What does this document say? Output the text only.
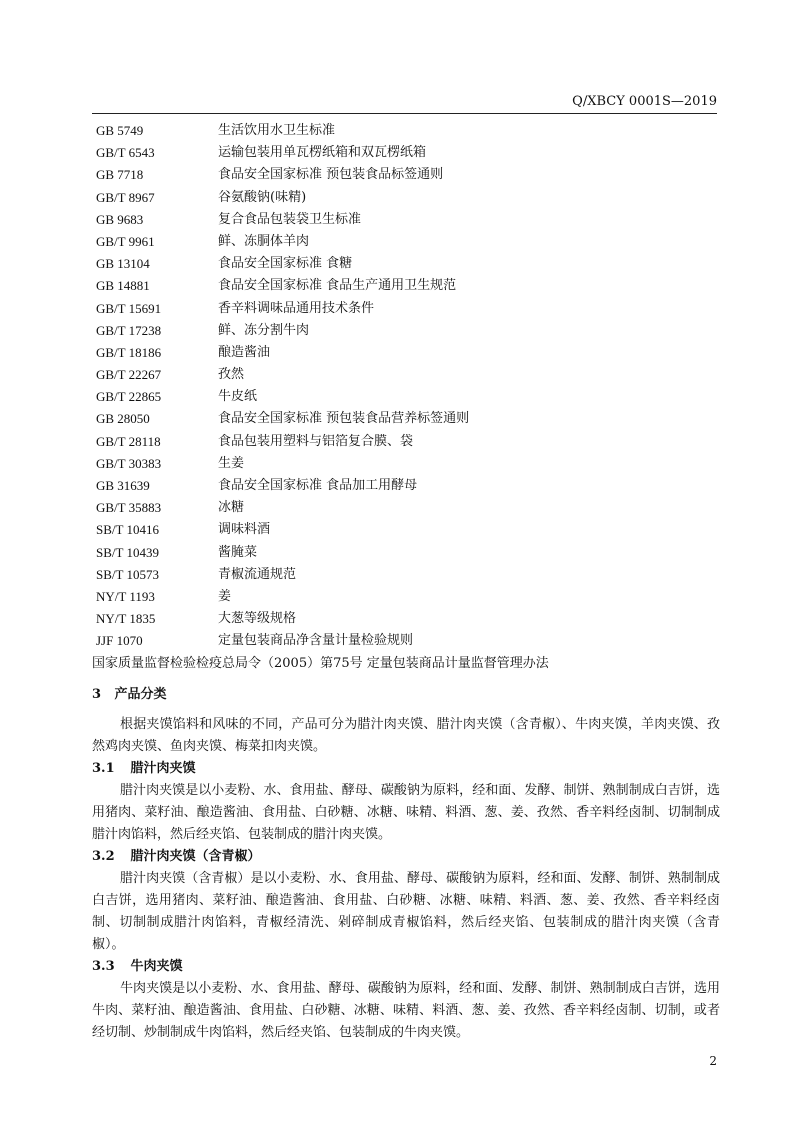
Q/XBCY 0001S—2019
GB 5749	生活饮用水卫生标准
GB/T 6543	运输包装用单瓦楞纸箱和双瓦楞纸箱
GB 7718	食品安全国家标准 预包装食品标签通则
GB/T 8967	谷氨酸钠(味精)
GB 9683	复合食品包装袋卫生标准
GB/T 9961	鲜、冻胴体羊肉
GB 13104	食品安全国家标准 食糖
GB 14881	食品安全国家标准 食品生产通用卫生规范
GB/T 15691	香辛料调味品通用技术条件
GB/T 17238	鲜、冻分割牛肉
GB/T 18186	酿造酱油
GB/T 22267	孜然
GB/T 22865	牛皮纸
GB 28050	食品安全国家标准 预包装食品营养标签通则
GB/T 28118	食品包装用塑料与铝箔复合膜、袋
GB/T 30383	生姜
GB 31639	食品安全国家标准 食品加工用酵母
GB/T 35883	冰糖
SB/T 10416	调味料酒
SB/T 10439	酱腌菜
SB/T 10573	青椒流通规范
NY/T 1193	姜
NY/T 1835	大葱等级规格
JJF 1070	定量包装商品净含量计量检验规则
国家质量监督检验检疫总局令（2005）第75号 定量包装商品计量监督管理办法
3 产品分类

根据夹馍馅料和风味的不同，产品可分为腊汁肉夹馍、腊汁肉夹馍（含青椒）、牛肉夹馍，羊肉夹馍、孜然鸡肉夹馍、鱼肉夹馍、梅菜扣肉夹馍。

3.1 腊汁肉夹馍

腊汁肉夹馍是以小麦粉、水、食用盐、酵母、碳酸钠为原料，经和面、发酵、制饼、熟制制成白吉饼，选用猪肉、菜籽油、酿造酱油、食用盐、白砂糖、冰糖、味精、料酒、葱、姜、孜然、香辛料经卤制、切制制成腊汁肉馅料，然后经夹馅、包装制成的腊汁肉夹馍。

3.2 腊汁肉夹馍（含青椒）

腊汁肉夹馍（含青椒）是以小麦粉、水、食用盐、酵母、碳酸钠为原料，经和面、发酵、制饼、熟制制成白吉饼，选用猪肉、菜籽油、酿造酱油、食用盐、白砂糖、冰糖、味精、料酒、葱、姜、孜然、香辛料经卤制、切制制成腊汁肉馅料，青椒经清洗、剁碎制成青椒馅料，然后经夹馅、包装制成的腊汁肉夹馍（含青椒）。

3.3 牛肉夹馍

牛肉夹馍是以小麦粉、水、食用盐、酵母、碳酸钠为原料，经和面、发酵、制饼、熟制制成白吉饼，选用牛肉、菜籽油、酿造酱油、食用盐、白砂糖、冰糖、味精、料酒、葱、姜、孜然、香辛料经卤制、切制，或者经切制、炒制制成牛肉馅料，然后经夹馅、包装制成的牛肉夹馍。

2
